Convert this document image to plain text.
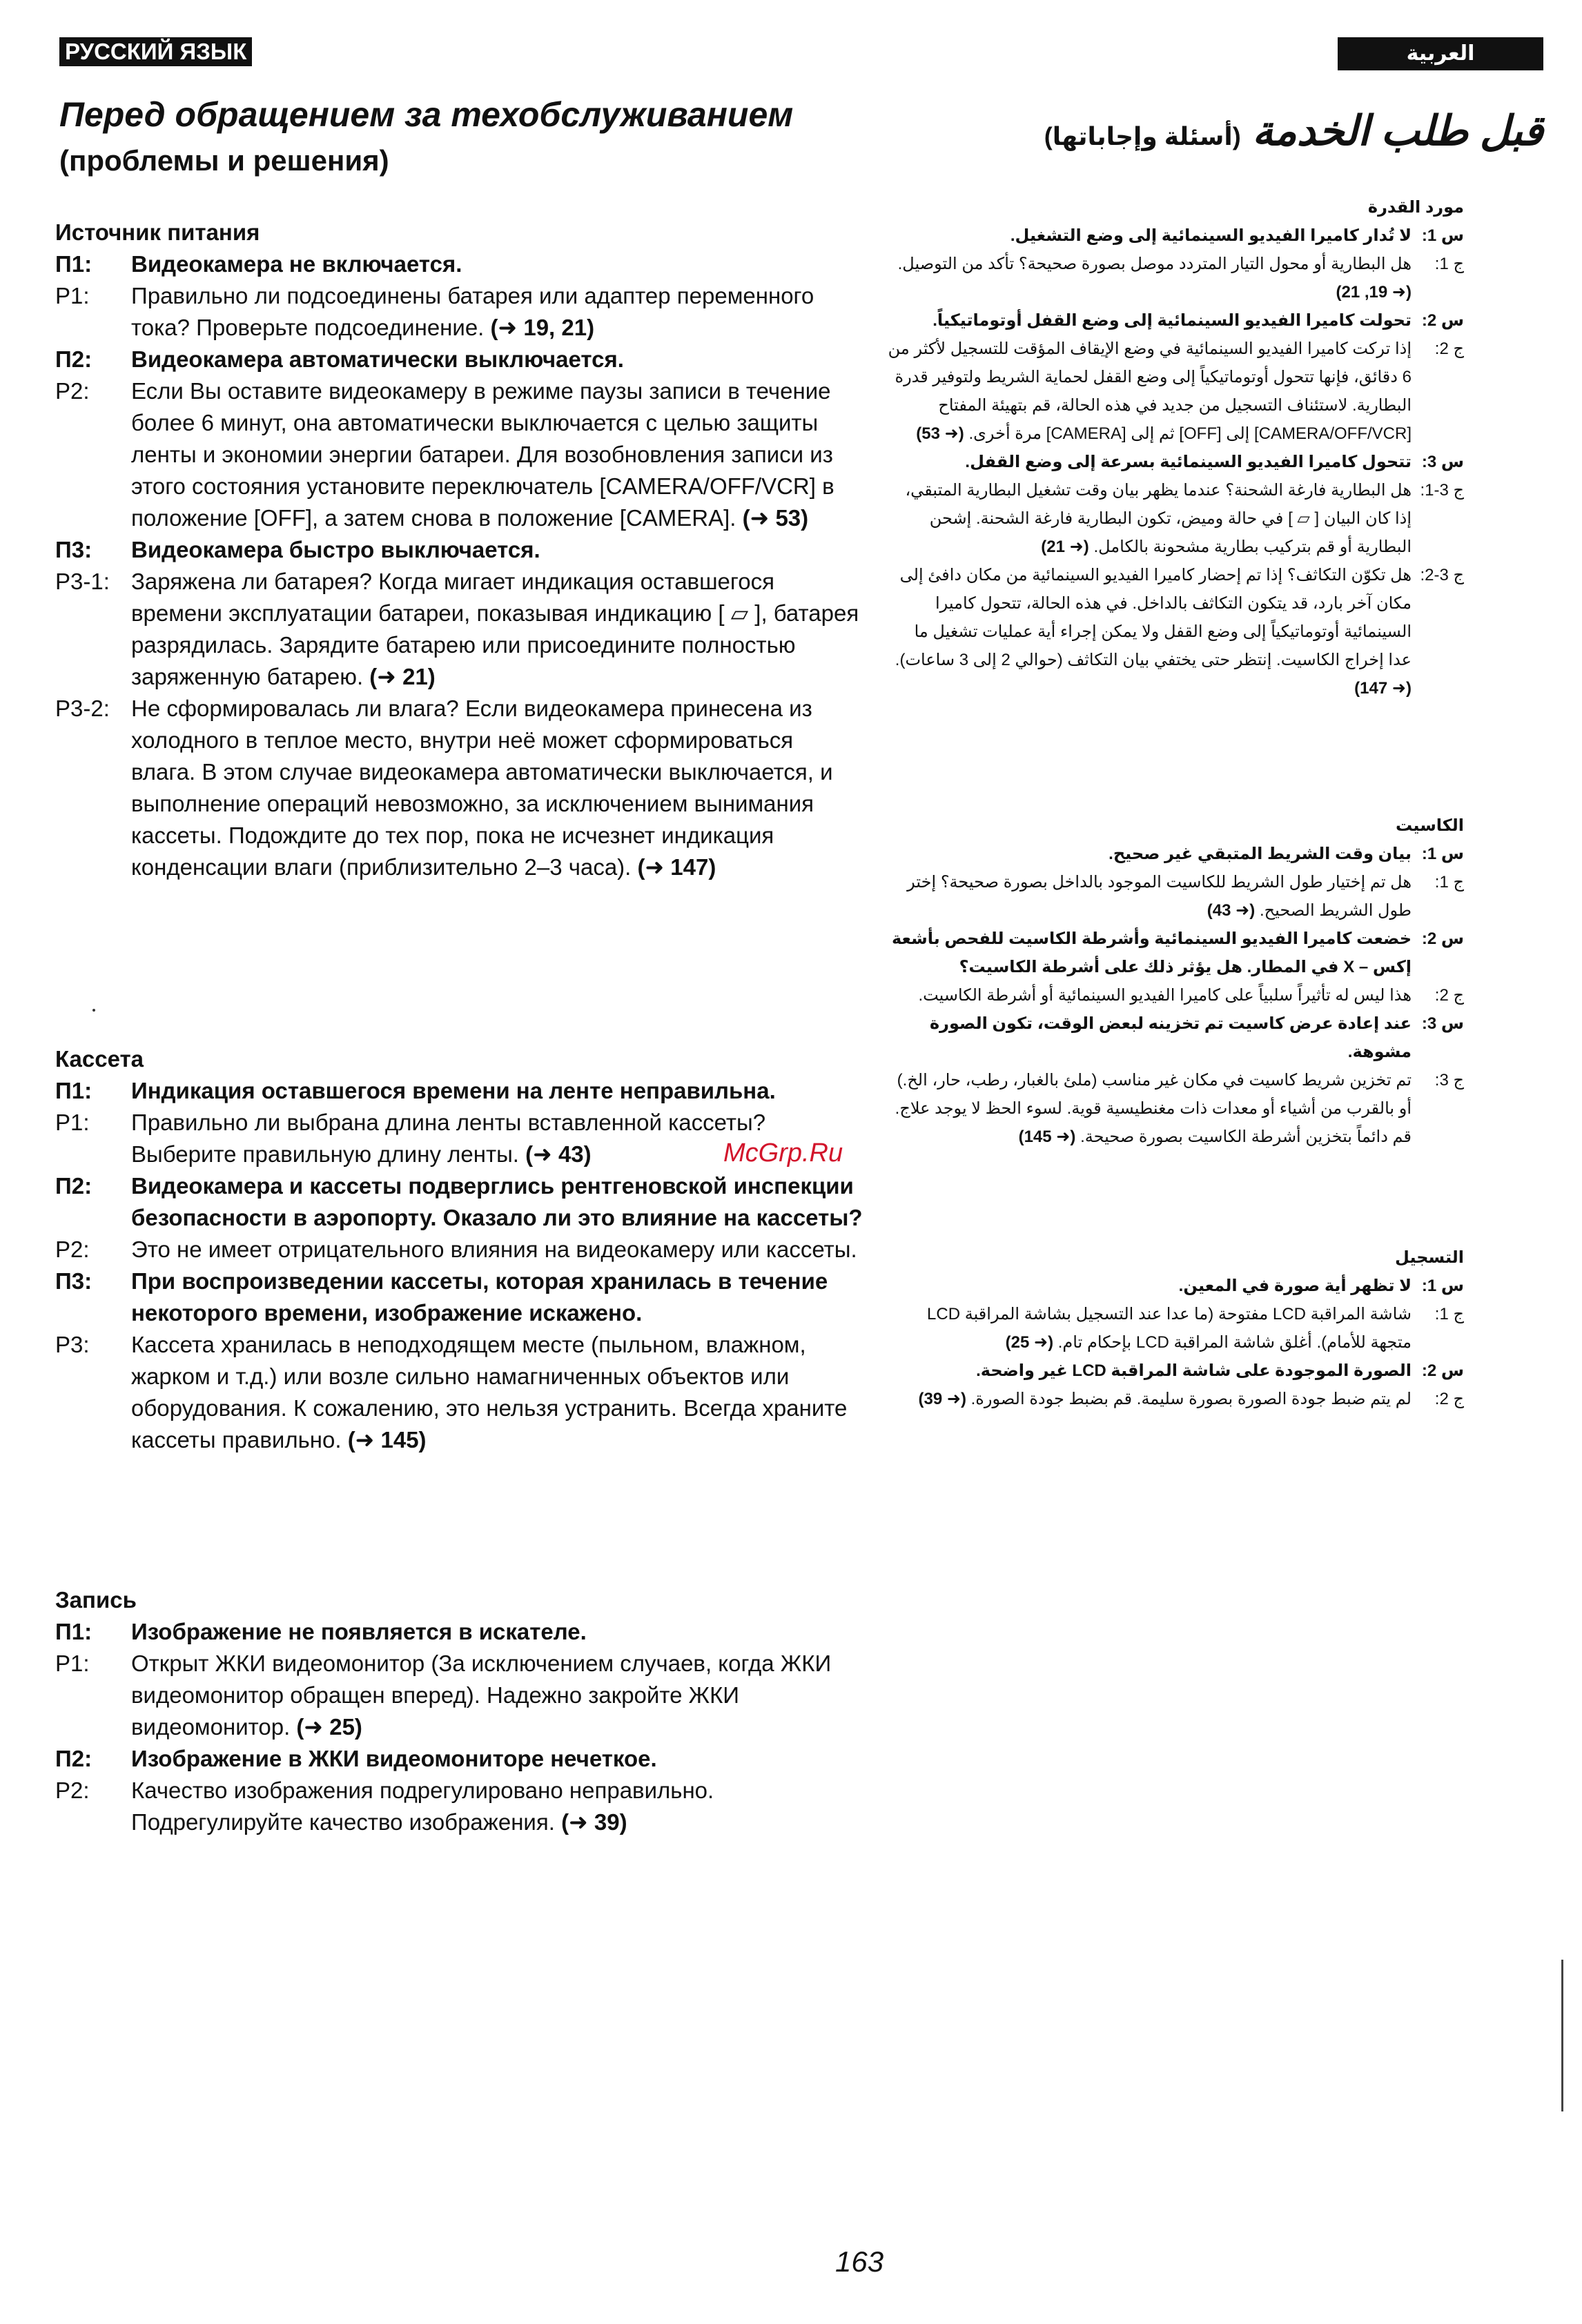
РУССКИЙ ЯЗЫК	العربية
Перед обращением за техобслуживанием (проблемы и решения)
قبل طلب الخدمة (أسئلة وإجاباتها)

Источник питания

П1:	Видеокамера не включается.
Р1:	Правильно ли подсоединены батарея или адаптер переменного тока? Проверьте подсоединение. (➜ 19, 21)
П2:	Видеокамера автоматически выключается.
Р2:	Если Вы оставите видеокамеру в режиме паузы записи в течение более 6 минут, она автоматически выключается с целью защиты ленты и экономии энергии батареи. Для возобновления записи из этого состояния установите переключатель [CAMERA/OFF/VCR] в положение [OFF], а затем снова в положение [CAMERA]. (➜ 53)
П3:	Видеокамера быстро выключается.
Р3-1: Заряжена ли батарея? Когда мигает индикация оставшегося времени эксплуатации батареи, показывая индикацию [ ▱ ], батарея разрядилась. Зарядите батарею или присоедините полностью заряженную батарею. (➜ 21)
Р3-2: Не сформировалась ли влага? Если видеокамера принесена из холодного в теплое место, внутри неё может сформироваться влага. В этом случае видеокамера автоматически выключается, и выполнение операций невозможно, за исключением вынимания кассеты. Подождите до тех пор, пока не исчезнет индикация конденсации влаги (приблизительно 2–3 часа). (➜ 147)

Кассета

П1:	Индикация оставшегося времени на ленте неправильна.
Р1:	Правильно ли выбрана длина ленты вставленной кассеты? Выберите правильную длину ленты. (➜ 43)
П2:	Видеокамера и кассеты подверглись рентгеновской инспекции безопасности в аэропорту. Оказало ли это влияние на кассеты?
Р2:	Это не имеет отрицательного влияния на видеокамеру или кассеты.
П3:	При воспроизведении кассеты, которая хранилась в течение некоторого времени, изображение искажено.
Р3:	Кассета хранилась в неподходящем месте (пыльном, влажном, жарком и т.д.) или возле сильно намагниченных объектов или оборудования. К сожалению, это нельзя устранить. Всегда храните кассеты правильно. (➜ 145)

Запись

П1:	Изображение не появляется в искателе.
Р1:	Открыт ЖКИ видеомонитор (За исключением случаев, когда ЖКИ видеомонитор обращен вперед). Надежно закройте ЖКИ видеомонитор. (➜ 25)
П2:	Изображение в ЖКИ видеомониторе нечеткое.
Р2:	Качество изображения подрегулировано неправильно. Подрегулируйте качество изображения. (➜ 39)

مورد القدرة

س 1:
لا تُدار كاميرا الفيديو السينمائية إلى وضع التشغيل.
ج 1:
هل البطارية أو محول التيار المتردد موصل بصورة صحيحة؟ تأكد من التوصيل. (➜ 19, 21)
س 2:
تحولت كاميرا الفيديو السينمائية إلى وضع القفل أوتوماتيكياً.
ج 2:
إذا تركت كاميرا الفيديو السينمائية في وضع الإيقاف المؤقت للتسجيل لأكثر من 6 دقائق، فإنها تتحول أوتوماتيكياً إلى وضع القفل لحماية الشريط ولتوفير قدرة البطارية. لاستئناف التسجيل من جديد في هذه الحالة، قم بتهيئة المفتاح [CAMERA/OFF/VCR] إلى [OFF] ثم إلى [CAMERA] مرة أخرى. (➜ 53)
س 3:
تتحول كاميرا الفيديو السينمائية بسرعة إلى وضع القفل.
ج 3-1:
هل البطارية فارغة الشحنة؟ عندما يظهر بيان وقت تشغيل البطارية المتبقي، إذا كان البيان [ ▱ ] في حالة وميض، تكون البطارية فارغة الشحنة. إشحن البطارية أو قم بتركيب بطارية مشحونة بالكامل. (➜ 21)
ج 3-2:
هل تكوّن التكاثف؟ إذا تم إحضار كاميرا الفيديو السينمائية من مكان دافئ إلى مكان آخر بارد، قد يتكون التكاثف بالداخل. في هذه الحالة، تتحول كاميرا السينمائية أوتوماتيكياً إلى وضع القفل ولا يمكن إجراء أية عمليات تشغيل ما عدا إخراج الكاسيت. إنتظر حتى يختفي بيان التكاثف (حوالي 2 إلى 3 ساعات). (➜ 147)

الكاسيت

س 1:
بيان وقت الشريط المتبقي غير صحيح.
ج 1:
هل تم إختيار طول الشريط للكاسيت الموجود بالداخل بصورة صحيحة؟ إختر طول الشريط الصحيح. (➜ 43)
س 2:
خضعت كاميرا الفيديو السينمائية وأشرطة الكاسيت للفحص بأشعة إكس – X في المطار. هل يؤثر ذلك على أشرطة الكاسيت؟
ج 2:
هذا ليس له تأثيراً سلبياً على كاميرا الفيديو السينمائية أو أشرطة الكاسيت.
س 3:
عند إعادة عرض كاسيت تم تخزينه لبعض الوقت، تكون الصورة مشوهة.
ج 3:
تم تخزين شريط كاسيت في مكان غير مناسب (ملئ بالغبار، رطب، حار، الخ.) أو بالقرب من أشياء أو معدات ذات مغنطيسية قوية. لسوء الحظ لا يوجد علاج. قم دائماً بتخزين أشرطة الكاسيت بصورة صحيحة. (➜ 145)

التسجيل

س 1:
لا تظهر أية صورة في المعين.
ج 1:
شاشة المراقبة LCD مفتوحة (ما عدا عند التسجيل بشاشة المراقبة LCD متجهة للأمام). أغلق شاشة المراقبة LCD بإحكام تام. (➜ 25)
س 2:
الصورة الموجودة على شاشة المراقبة LCD غير واضحة.
ج 2:
لم يتم ضبط جودة الصورة بصورة سليمة. قم بضبط جودة الصورة. (➜ 39)
McGrp.Ru
163
